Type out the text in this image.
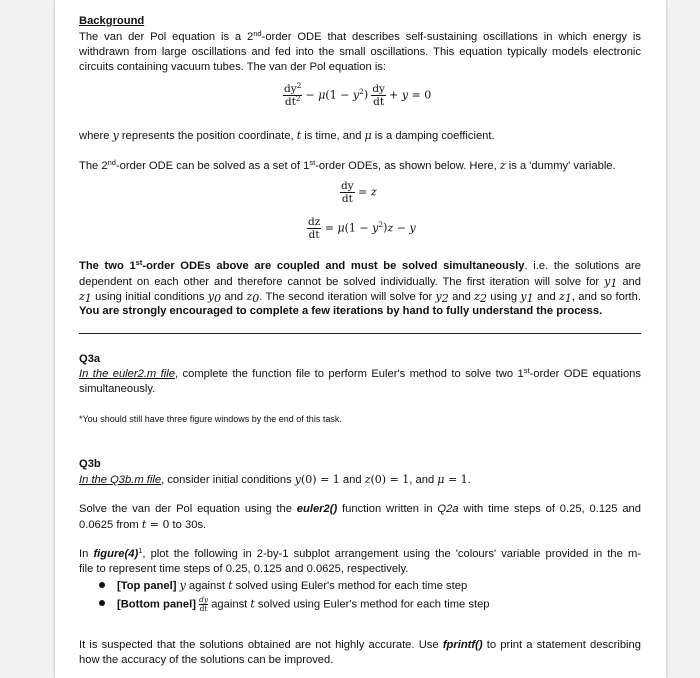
Background
The van der Pol equation is a 2nd-order ODE that describes self-sustaining oscillations in which energy is
withdrawn from large oscillations and fed into the small oscillations. This equation typically models electronic
circuits containing vacuum tubes. The van der Pol equation is:
$\frac{dy^2}{dt^2} - \mu(1 - y^2) \frac{dy}{dt} + y = 0$
where y represents the position coordinate, t is time, and μ is a damping coefficient.
The 2nd-order ODE can be solved as a set of 1st-order ODEs, as shown below. Here, z is a 'dummy' variable.
$\frac{dy}{dt} = z$
$\frac{dz}{dt} = \mu(1 - y^2)z - y$
The two 1st-order ODEs above are coupled and must be solved simultaneously. i.e. the solutions are
dependent on each other and therefore cannot be solved individually. The first iteration will solve for $y_1$ and
$z_1$ using initial conditions $y_0$ and $z_0$. The second iteration will solve for $y_2$ and $z_2$ using $y_1$ and $z_1$, and so forth.
You are strongly encouraged to complete a few iterations by hand to fully understand the process.
Q3a
In the euler2.m file, complete the function file to perform Euler's method to solve two 1st-order ODE equations
simultaneously.
*You should still have three figure windows by the end of this task.
Q3b
In the Q3b.m file, consider initial conditions y(0) = 1 and z(0) = 1, and μ = 1.
Solve the van der Pol equation using the euler2() function written in Q2a with time steps of 0.25, 0.125 and
0.0625 from t = 0 to 30s.
In $figure(4)^1$, plot the following in 2-by-1 subplot arrangement using the 'colours' variable provided in the m-
file to represent time steps of 0.25, 0.125 and 0.0625, respectively.
[Top panel] y against t solved using Euler's method for each time step
[Bottom panel] $\frac{dy}{dt}$ against t solved using Euler's method for each time step
It is suspected that the solutions obtained are not highly accurate. Use fprintf() to print a statement describing
how the accuracy of the solutions can be improved.
